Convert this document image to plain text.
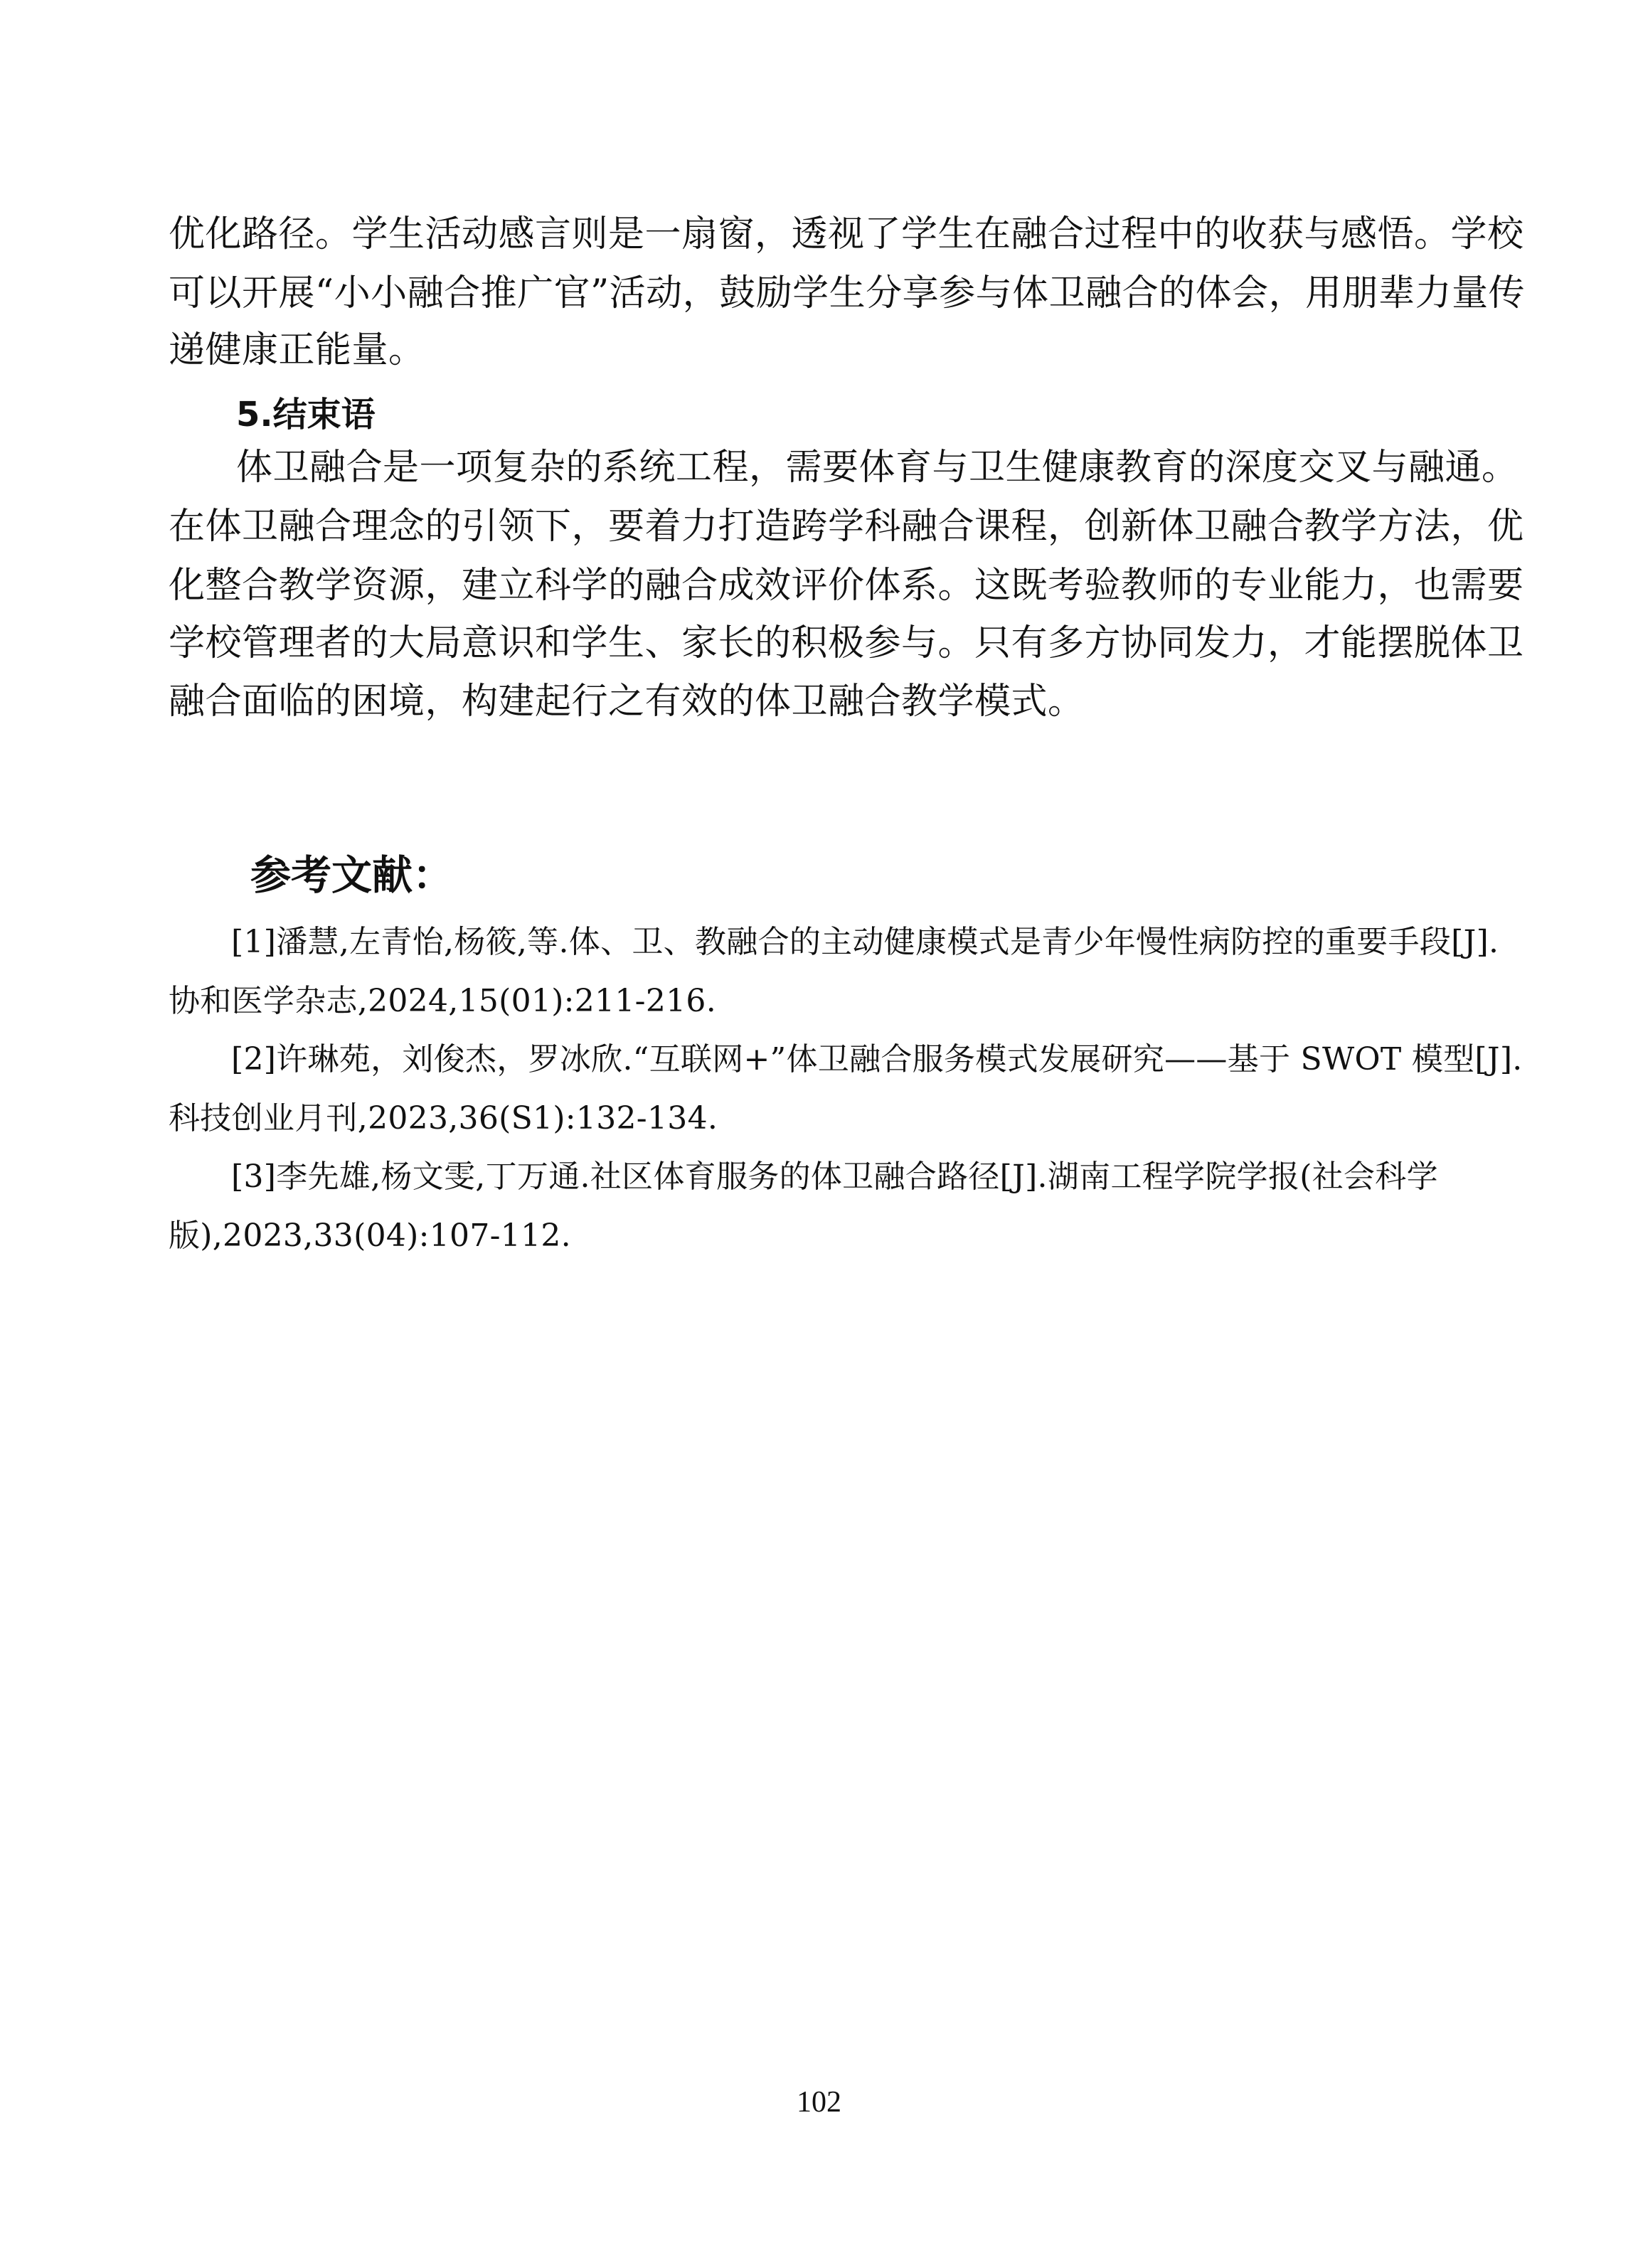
优化路径。学生活动感言则是一扇窗，透视了学生在融合过程中的收获与感悟。学校
可以开展“小小融合推广官”活动，鼓励学生分享参与体卫融合的体会，用朋辈力量传
递健康正能量。
5.结束语
体卫融合是一项复杂的系统工程，需要体育与卫生健康教育的深度交叉与融通。
在体卫融合理念的引领下，要着力打造跨学科融合课程，创新体卫融合教学方法，优
化整合教学资源，建立科学的融合成效评价体系。这既考验教师的专业能力，也需要
学校管理者的大局意识和学生、家长的积极参与。只有多方协同发力，才能摆脱体卫
融合面临的困境，构建起行之有效的体卫融合教学模式。
参考文献：
[1]潘慧,左青怡,杨筱,等.体、卫、教融合的主动健康模式是青少年慢性病防控的重要手段[J].
协和医学杂志,2024,15(01):211-216.
[2]许琳苑，刘俊杰，罗冰欣.“互联网+”体卫融合服务模式发展研究——基于 SWOT 模型[J].
科技创业月刊,2023,36(S1):132-134.
[3]李先雄,杨文雯,丁万通.社区体育服务的体卫融合路径[J].湖南工程学院学报(社会科学
版),2023,33(04):107-112.
102
